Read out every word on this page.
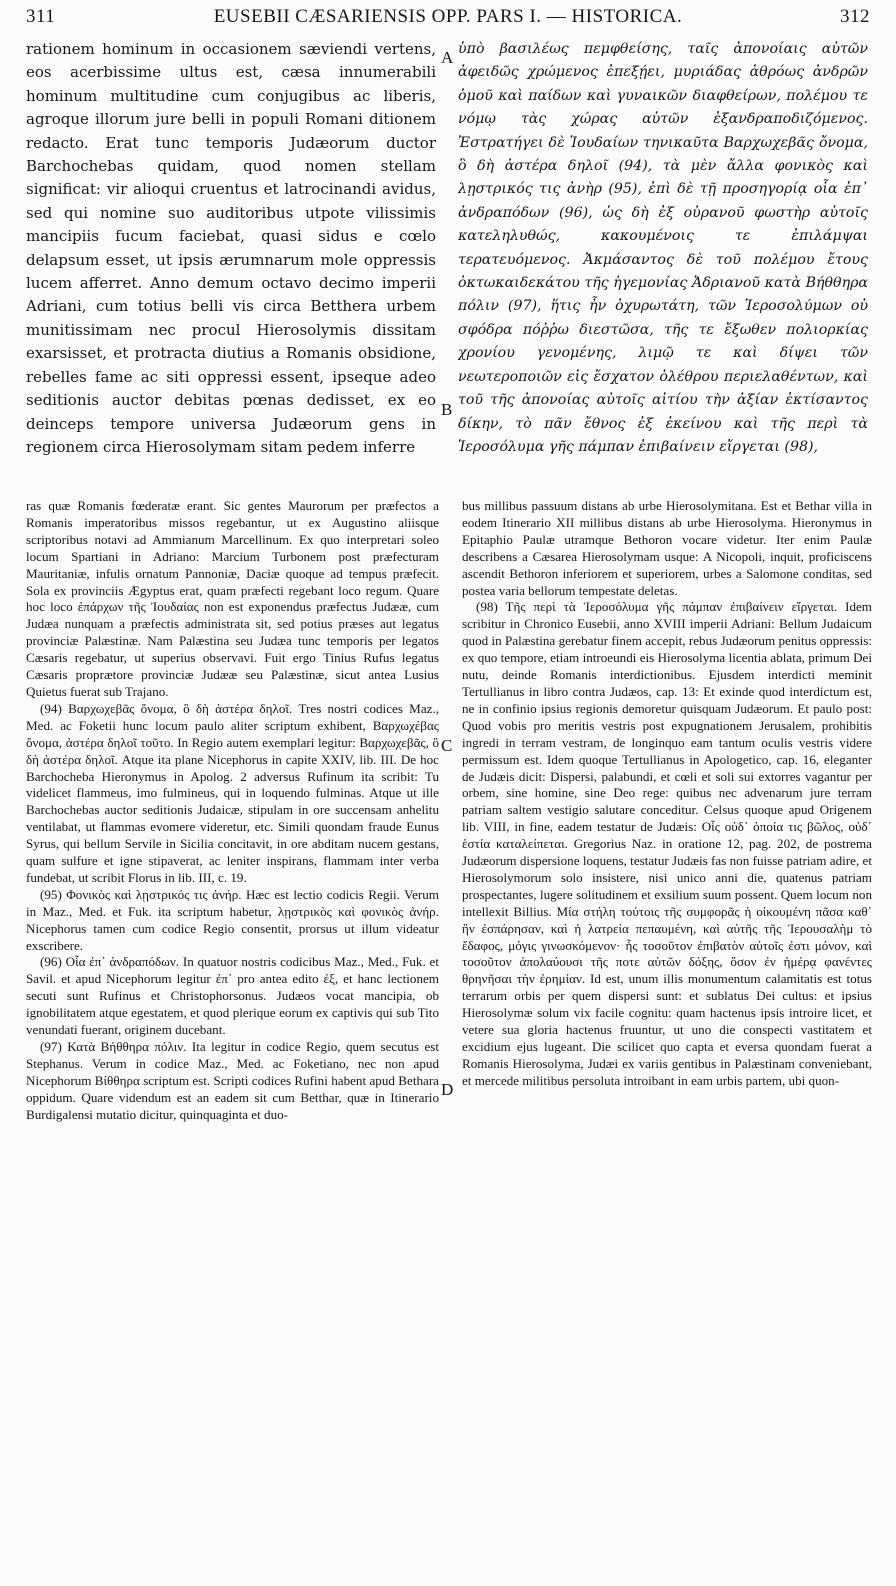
311	EUSEBII CÆSARIENSIS OPP. PARS I. — HISTORICA.	312

rationem hominum in occasionem sæviendi vertens, eos acerbissime ultus est, cæsa innumerabili hominum multitudine cum conjugibus ac liberis, agroque illorum jure belli in populi Romani ditionem redacto. Erat tunc temporis Judæorum ductor Barchochebas quidam, quod nomen stellam significat: vir alioqui cruentus et latrocinandi avidus, sed qui nomine suo auditoribus utpote vilissimis mancipiis fucum faciebat, quasi sidus e cœlo delapsum esset, ut ipsis ærumnarum mole oppressis lucem afferret. Anno demum octavo decimo imperii Adriani, cum totius belli vis circa Betthera urbem munitissimam nec procul Hierosolymis dissitam exarsisset, et protracta diutius a Romanis obsidione, rebelles fame ac siti oppressi essent, ipseque adeo seditionis auctor debitas pœnas dedisset, ex eo deinceps tempore universa Judæorum gens in regionem circa Hierosolymam sitam pedem inferre

ὑπὸ βασιλέως πεμφθείσης, ταῖς ἀπονοίαις αὐτῶν ἀφειδῶς χρώμενος ἐπεξῄει, μυριάδας ἀθρόως ἀνδρῶν ὁμοῦ καὶ παίδων καὶ γυναικῶν διαφθείρων, πολέμου τε νόμῳ τὰς χώρας αὐτῶν ἐξανδραποδιζόμενος. Ἐστρατήγει δὲ Ἰουδαίων τηνικαῦτα Βαρχωχεβᾶς ὄνομα, ὃ δὴ ἀστέρα δηλοῖ (94), τὰ μὲν ἄλλα φονικὸς καὶ λῃστρικός τις ἀνὴρ (95), ἐπὶ δὲ τῇ προσηγορίᾳ οἷα ἐπ᾿ ἀνδραπόδων (96), ὡς δὴ ἐξ οὐρανοῦ φωστὴρ αὐτοῖς κατεληλυθώς, κακουμένοις τε ἐπιλάμψαι τερατευόμενος. Ἀκμάσαντος δὲ τοῦ πολέμου ἔτους ὀκτωκαιδεκάτου τῆς ἡγεμονίας Ἀδριανοῦ κατὰ Βήθθηρα πόλιν (97), ἥτις ἦν ὀχυρωτάτη, τῶν Ἱεροσολύμων οὐ σφόδρα πόῤῥω διεστῶσα, τῆς τε ἔξωθεν πολιορκίας χρονίου γενομένης, λιμῷ τε καὶ δίψει τῶν νεωτεροποιῶν εἰς ἔσχατον ὀλέθρου περιελαθέντων, καὶ τοῦ τῆς ἀπονοίας αὐτοῖς αἰτίου τὴν ἀξίαν ἐκτίσαντος δίκην, τὸ πᾶν ἔθνος ἐξ ἐκείνου καὶ τῆς περὶ τὰ Ἱεροσόλυμα γῆς πάμπαν ἐπιβαίνειν εἴργεται (98),

A
B
C
D

ras quæ Romanis fœderatæ erant. Sic gentes Maurorum per præfectos a Romanis imperatoribus missos regebantur, ut ex Augustino aliisque scriptoribus notavi ad Ammianum Marcellinum. Ex quo interpretari soleo locum Spartiani in Adriano: Marcium Turbonem post præfecturam Mauritaniæ, infulis ornatum Pannoniæ, Daciæ quoque ad tempus præfecit. Sola ex provinciis Ægyptus erat, quam præfecti regebant loco regum. Quare hoc loco ἐπάρχων τῆς Ἰουδαίας non est exponendus præfectus Judææ, cum Judæa nunquam a præfectis administrata sit, sed potius præses aut legatus provinciæ Palæstinæ. Nam Palæstina seu Judæa tunc temporis per legatos Cæsaris regebatur, ut superius observavi. Fuit ergo Tinius Rufus legatus Cæsaris proprætore provinciæ Judææ seu Palæstinæ, sicut antea Lusius Quietus fuerat sub Trajano.

(94) Βαρχωχεβᾶς ὄνομα, ὃ δὴ ἀστέρα δηλοῖ. Tres nostri codices Maz., Med. ac Foketii hunc locum paulo aliter scriptum exhibent, Βαρχωχέβας ὄνομα, ἀστέρα δηλοῖ τοῦτο. In Regio autem exemplari legitur: Βαρχωχεβᾶς, ὃ δὴ ἀστέρα δηλοῖ. Atque ita plane Nicephorus in capite XXIV, lib. III. De hoc Barchocheba Hieronymus in Apolog. 2 adversus Rufinum ita scribit: Tu videlicet flammeus, imo fulmineus, qui in loquendo fulminas. Atque ut ille Barchochebas auctor seditionis Judaicæ, stipulam in ore succensam anhelitu ventilabat, ut flammas evomere videretur, etc. Simili quondam fraude Eunus Syrus, qui bellum Servile in Sicilia concitavit, in ore abditam nucem gestans, quam sulfure et igne stipaverat, ac leniter inspirans, flammam inter verba fundebat, ut scribit Florus in lib. III, c. 19.

(95) Φονικὸς καὶ λῃστρικός τις ἀνήρ. Hæc est lectio codicis Regii. Verum in Maz., Med. et Fuk. ita scriptum habetur, λῃστρικὸς καὶ φονικὸς ἀνήρ. Nicephorus tamen cum codice Regio consentit, prorsus ut illum videatur exscribere.

(96) Οἷα ἐπ᾿ ἀνδραπόδων. In quatuor nostris codicibus Maz., Med., Fuk. et Savil. et apud Nicephorum legitur ἐπ᾿ pro antea edito ἐξ, et hanc lectionem secuti sunt Rufinus et Christophorsonus. Judæos vocat mancipia, ob ignobilitatem atque egestatem, et quod plerique eorum ex captivis qui sub Tito venundati fuerant, originem ducebant.

(97) Κατὰ Βήθθηρα πόλιν. Ita legitur in codice Regio, quem secutus est Stephanus. Verum in codice Maz., Med. ac Foketiano, nec non apud Nicephorum Βίθθηρα scriptum est. Scripti codices Rufini habent apud Bethara oppidum. Quare videndum est an eadem sit cum Betthar, quæ in Itinerario Burdigalensi mutatio dicitur, quinquaginta et duo-

bus millibus passuum distans ab urbe Hierosolymitana. Est et Bethar villa in eodem Itinerario XII millibus distans ab urbe Hierosolyma. Hieronymus in Epitaphio Paulæ utramque Bethoron vocare videtur. Iter enim Paulæ describens a Cæsarea Hierosolymam usque: A Nicopoli, inquit, proficiscens ascendit Bethoron inferiorem et superiorem, urbes a Salomone conditas, sed postea varia bellorum tempestate deletas.

(98) Τῆς περὶ τὰ Ἱεροσόλυμα γῆς πάμπαν ἐπιβαίνειν εἴργεται. Idem scribitur in Chronico Eusebii, anno XVIII imperii Adriani: Bellum Judaicum quod in Palæstina gerebatur finem accepit, rebus Judæorum penitus oppressis: ex quo tempore, etiam introeundi eis Hierosolyma licentia ablata, primum Dei nutu, deinde Romanis interdictionibus. Ejusdem interdicti meminit Tertullianus in libro contra Judæos, cap. 13: Et exinde quod interdictum est, ne in confinio ipsius regionis demoretur quisquam Judæorum. Et paulo post: Quod vobis pro meritis vestris post expugnationem Jerusalem, prohibitis ingredi in terram vestram, de longinquo eam tantum oculis vestris videre permissum est. Idem quoque Tertullianus in Apologetico, cap. 16, eleganter de Judæis dicit: Dispersi, palabundi, et cœli et soli sui extorres vagantur per orbem, sine homine, sine Deo rege: quibus nec advenarum jure terram patriam saltem vestigio salutare conceditur. Celsus quoque apud Origenem lib. VIII, in fine, eadem testatur de Judæis: Οἷς οὐδ᾿ ὁποία τις βῶλος, οὐδ᾿ ἑστία καταλείπεται. Gregorius Naz. in oratione 12, pag. 202, de postrema Judæorum dispersione loquens, testatur Judæis fas non fuisse patriam adire, et Hierosolymorum solo insistere, nisi unico anni die, quatenus patriam prospectantes, lugere solitudinem et exsilium suum possent. Quem locum non intellexit Billius. Μία στήλη τούτοις τῆς συμφορᾶς ἡ οἰκουμένη πᾶσα καθ᾿ ἣν ἐσπάρησαν, καὶ ἡ λατρεία πεπαυμένη, καὶ αὐτῆς τῆς Ἱερουσαλὴμ τὸ ἔδαφος, μόγις γινωσκόμενον· ἧς τοσοῦτον ἐπιβατὸν αὐτοῖς ἐστι μόνον, καὶ τοσοῦτον ἀπολαύουσι τῆς ποτε αὐτῶν δόξης, ὅσον ἐν ἡμέρᾳ φανέντες θρηνῆσαι τὴν ἐρημίαν. Id est, unum illis monumentum calamitatis est totus terrarum orbis per quem dispersi sunt: et sublatus Dei cultus: et ipsius Hierosolymæ solum vix facile cognitu: quam hactenus ipsis introire licet, et vetere sua gloria hactenus fruuntur, ut uno die conspecti vastitatem et excidium ejus lugeant. Die scilicet quo capta et eversa quondam fuerat a Romanis Hierosolyma, Judæi ex variis gentibus in Palæstinam conveniebant, et mercede militibus persoluta introibant in eam urbis partem, ubi quon-
